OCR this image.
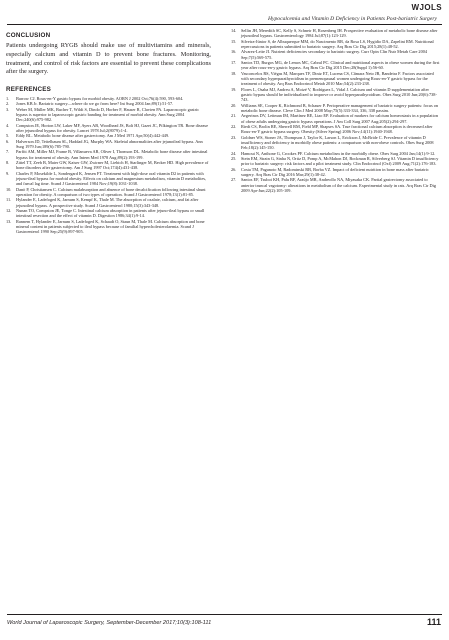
WJOLS
Hypocalcemia and Vitamin D Deficiency in Patients Post-bariatric Surgery
CONCLUSION

Patients undergoing RYGB should make use of multivitamins and minerals, especially calcium and vitamin D to prevent bone fractures. Monitoring, treatment, and control of risk factors are essential to prevent these complications after the surgery.

REFERENCES
1. Barrow CJ. Roux-en-Y gastric bypass for morbid obesity. AORN J 2002 Oct;76(4):590, 593-604.
2. Jones KB Jr. Bariatric surgery—where do we go from here? Int Surg 2004 Jan;89(1):51-57.
3. Weber M, Müller MK, Bucher T, Wildi S, Dindo D, Horber F, Hauser R, Clavien PA. Laparoscopic gastric bypass is superior to laparoscopic gastric banding for treatment of morbid obesity. Ann Surg 2004 Dec;240(6):975-982.
4. Compston JE, Horton LW, Laker MF, Ayers AB, Woodhead JS, Bolt HJ, Gazet JC, Pilkington TR. Bone disease after jejunoileal bypass for obesity. Lancet 1978 Jul;2(8079):1-4.
5. Eddy RL. Metabolic bone disease after gastrectomy. Am J Med 1971 Apr;50(4):442-449.
6. Halverson JD, Teitelbaum SL, Haddad JG, Murphy WA. Skeletal abnormalities after jejunoileal bypass. Ann Surg 1979 Jun;189(6):785-790.
7. Parfitt AM, Miller MJ, Frame B, Villanueva AR, Oliver I, Thomson DL. Metabolic bone disease after intestinal bypass for treatment of obesity. Ann Intern Med 1978 Aug;89(2):193-199.
8. Zittel TT, Zeeb B, Maier GW, Kaiser GW, Zwirner M, Liebich H, Starlinger M, Becker HD. High prevalence of bone disorders after gastrectomy. Am J Surg 1997 Oct;174(4):431-438.
9. Charles P, Mosekilde L, Sondergard K, Jensen FT. Treatment with high-dose oral vitamin D2 in patients with jejuno-ileal bypass for morbid obesity. Effects on calcium and magnesium metabolism, vitamin D metabolites, and faecal lag time. Scand J Gastroenterol 1984 Nov;19(8):1031-1038.
10. Danö P, Christiansen C. Calcium malabsorption and absence of bone decalcification following intestinal shunt operation for obesity. A comparison of two types of operation. Scand J Gastroenterol 1978;13(1):81-85.
11. Hylander E, Ladefoged K, Jarnum S, Kempf K, Thale M. The absorption of oxalate, calcium, and fat after jejunoileal bypass. A prospective study. Scand J Gastroenterol 1980;15(3):343-348.
12. Nunan TO, Compston JE, Tonge C. Intestinal calcium absorption in patients after jejuno-ileal bypass or small intestinal resection and the effect of vitamin D. Digestion 1986;34(1):9-14.
13. Rannem T, Hylander E, Jarnum S, Ladefoged K, Schaadt O, Staun M, Thale M. Calcium absorption and bone mineral content in patients subjected to ileal bypass because of familial hypercholesterolaemia. Scand J Gastroenterol 1990 Sep;25(9):897-905.
14. Sellin JH, Meredith SC, Kelly S, Schneir H, Rosenberg IH. Prospective evaluation of metabolic bone disease after jejunoileal bypass. Gastroenterology 1984 Jul;87(1):123-129.
15. Silveira-Júnior S, de Albuquerque MM, do Nascimento RR, da Rosa LS, Hygidio DA, Zapelini RM. Nutritional repercussions in patients submitted to bariatric surgery. Arq Bras Cir Dig 2015;28(1):48-52.
16. Alvarez-Leite JI. Nutrient deficiencies secondary to bariatric surgery. Curr Opin Clin Nutr Metab Care 2004 Sep;7(5):569-575.
17. Santos TD, Burgos MG, de Lemos MC, Cabral PC. Clinical and nutritional aspects in obese women during the first year after roux-en-y gastric bypass. Arq Bras Cir Dig 2015 Dec;28(Suppl 1):56-60.
18. Vasconcelos RS, Viégas M, Marques TF, Diniz ET, Lucena CS, Câmara Neto JB, Bandeira F. Factors associated with secondary hyperparathyroidism in premenopausal women undergoing Roux-en-Y gastric bypass for the treatment of obesity. Arq Bras Endocrinol Metab 2010 Mar;54(2):233-238.
19. Flores L, Osaba MJ, Andreu A, Moizé V, Rodríguez L, Vidal J. Calcium and vitamin D supplementation after gastric bypass should be individualized to improve or avoid hyperparathyroidism. Obes Surg 2010 Jun;20(6):738-743.
20. Williams SE, Cooper K, Richmond B, Schauer P. Perioperative management of bariatric surgery patients: focus on metabolic bone disease. Cleve Clin J Med 2008 May;75(5):333-334, 336, 338 passim.
21. Avgerinos DV, Leitman IM, Martínez RE, Liao EP. Evaluation of markers for calcium homeostasis in a population of obese adults undergoing gastric bypass operations. J Am Coll Surg 2007 Aug;205(2):294-297.
22. Riedt CS, Brolin RE, Sherrell RM, Field MP, Shapses SA. True fractional calcium absorption is decreased after Roux-en-Y gastric bypass surgery. Obesity (Silver Spring) 2006 Nov;14(11):1940-1948.
23. Goldner WS, Stoner JA, Thompson J, Taylor K, Larson L, Erickson J, McBride C. Prevalence of vitamin D insufficiency and deficiency in morbidly obese patients: a comparison with non-obese controls. Obes Surg 2008 Feb;18(2):145-150.
24. Hamoui N, Anthone G, Crookes PF. Calcium metabolism in the morbidly obese. Obes Surg 2004 Jan;14(1):9-12.
25. Stein EM, Strain G, Sinha N, Ortiz D, Pomp A, McMahon DJ, Bockman R, Silverberg SJ. Vitamin D insufficiency prior to bariatric surgery: risk factors and a pilot treatment study. Clin Endocrinol (Oxf) 2009 Aug;71(2):176-183.
26. Costa TM, Paganoto M, Radominski RB, Borba VZ. Impact of deficient nutrition in bone mass after bariatric surgery. Arq Bras Cir Dig 2016 Mar;29(1):38-42.
27. Santos EF, Tsuboi KH, Palu BF, Araújo MR, Andreollo NA, Miyasaka CK. Partial gastrectomy associated to anterior truncal vagotomy: alterations in metabolism of the calcium. Experimental study in rats. Arq Bras Cir Dig 2009 Apr-Jun;22(2):105-109.
World Journal of Laparoscopic Surgery, September-December 2017;10(3):108-111	111
